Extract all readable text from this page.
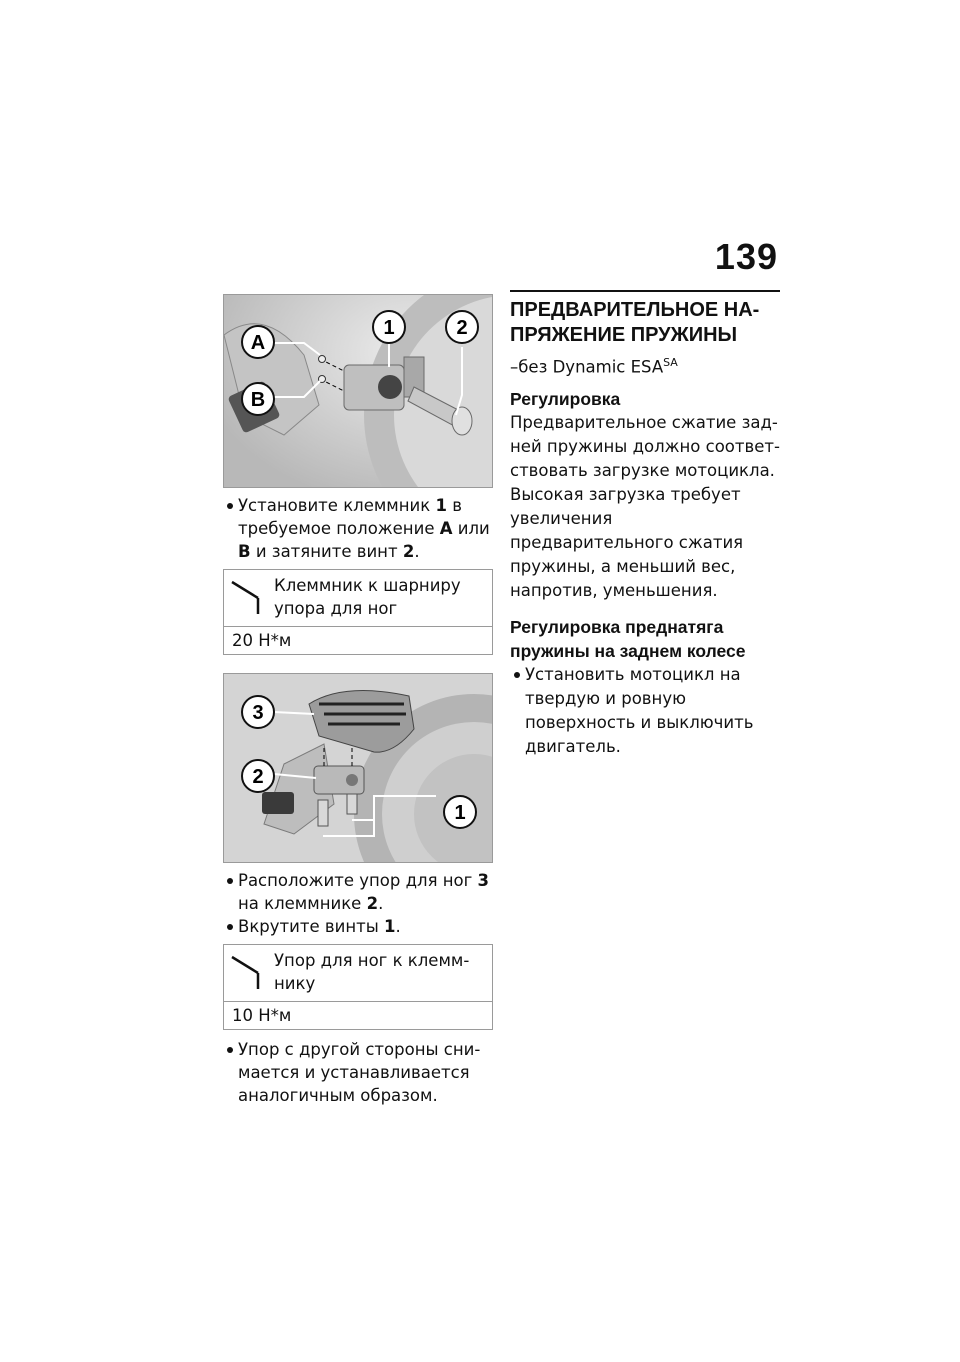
139
A
B
1	2

Установите клеммник 1 в требуемое положение A или B и затяните винт 2.

Клеммник к шарниру упора для ног
20 Н*м
3
2
1

Расположите упор для ног 3 на клеммнике 2.

Вкрутите винты 1.

Упор для ног к клеммнику
10 Н*м

Упор с другой стороны снимается и устанавливается аналогичным образом.

ПРЕДВАРИТЕЛЬНОЕ НАПРЯЖЕНИЕ ПРУЖИНЫ

–без Dynamic $ESA^{SA}$

Регулировка

Предварительное сжатие задней пружины должно соответствовать загрузке мотоцикла. Высокая загрузка требует увеличения предварительного сжатия пружины, а меньший вес, напротив, уменьшения.

Регулировка преднатяга пружины на заднем колесе

Установить мотоцикл на твердую и ровную поверхность и выключить двигатель.
